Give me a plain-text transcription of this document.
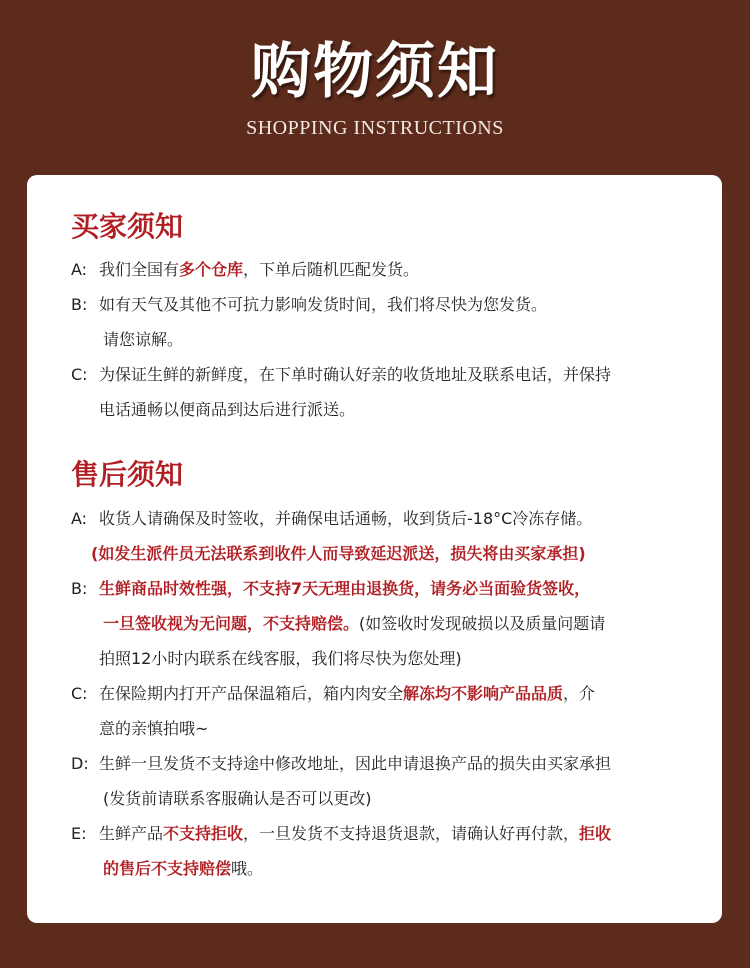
购物须知
SHOPPING INSTRUCTIONS
买家须知
A: 我们全国有多个仓库，下单后随机匹配发货。
B: 如有天气及其他不可抗力影响发货时间，我们将尽快为您发货。
请您谅解。
C: 为保证生鲜的新鲜度，在下单时确认好亲的收货地址及联系电话，并保持
电话通畅以便商品到达后进行派送。
售后须知
A: 收货人请确保及时签收，并确保电话通畅，收到货后-18°C冷冻存储。
(如发生派件员无法联系到收件人而导致延迟派送，损失将由买家承担)
B: 生鲜商品时效性强，不支持7天无理由退换货，请务必当面验货签收，
一旦签收视为无问题，不支持赔偿。(如签收时发现破损以及质量问题请
拍照12小时内联系在线客服，我们将尽快为您处理)
C: 在保险期内打开产品保温箱后，箱内肉安全解冻均不影响产品品质，介
意的亲慎拍哦~
D: 生鲜一旦发货不支持途中修改地址，因此申请退换产品的损失由买家承担
(发货前请联系客服确认是否可以更改)
E: 生鲜产品不支持拒收，一旦发货不支持退货退款，请确认好再付款，拒收
的售后不支持赔偿哦。
